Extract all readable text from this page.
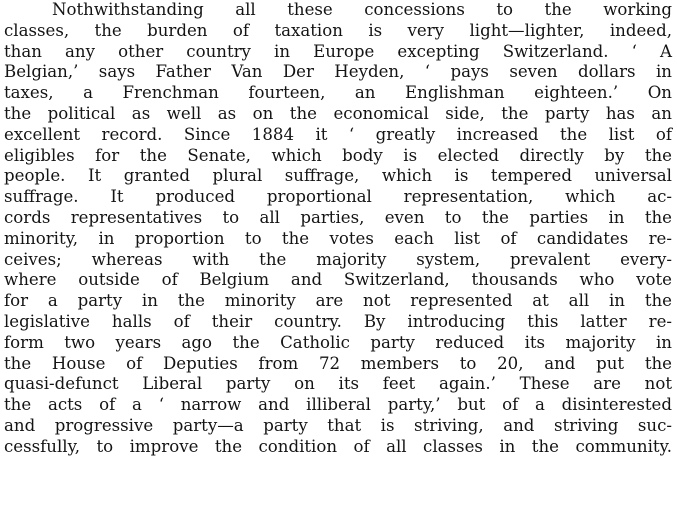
Nothwithstanding all these concessions to the working
classes, the burden of taxation is very light—lighter, indeed,
than any other country in Europe excepting Switzerland. ‘ A
Belgian,’ says Father Van Der Heyden, ‘ pays seven dollars in
taxes, a Frenchman fourteen, an Englishman eighteen.’ On
the political as well as on the economical side, the party has an
excellent record. Since 1884 it ‘ greatly increased the list of
eligibles for the Senate, which body is elected directly by the
people. It granted plural suffrage, which is tempered universal
suffrage. It produced proportional representation, which ac-
cords representatives to all parties, even to the parties in the
minority, in proportion to the votes each list of candidates re-
ceives; whereas with the majority system, prevalent every-
where outside of Belgium and Switzerland, thousands who vote
for a party in the minority are not represented at all in the
legislative halls of their country. By introducing this latter re-
form two years ago the Catholic party reduced its majority in
the House of Deputies from 72 members to 20, and put the
quasi-defunct Liberal party on its feet again.’ These are not
the acts of a ‘ narrow and illiberal party,’ but of a disinterested
and progressive party—a party that is striving, and striving suc-
cessfully, to improve the condition of all classes in the community.
